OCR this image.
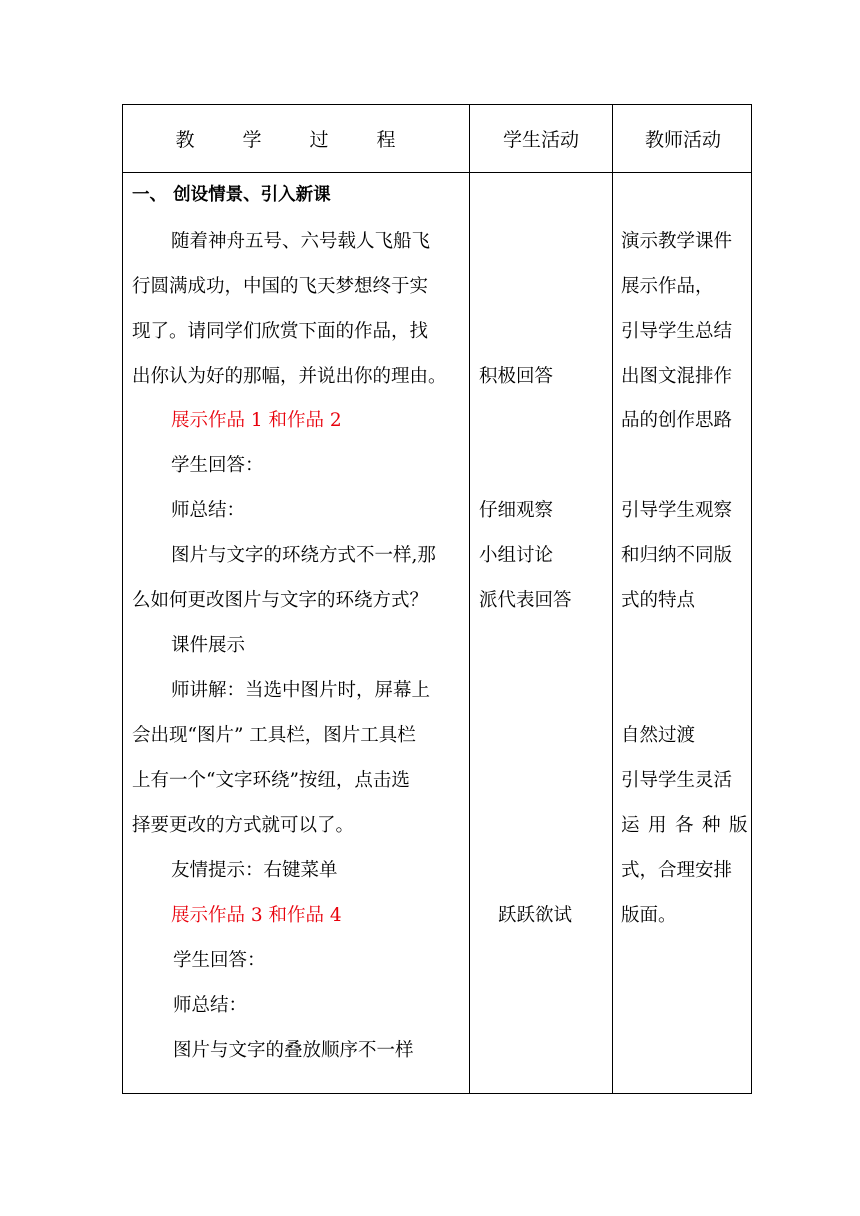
教 学 过 程	学生活动	教师活动
一、 创设情景、引入新课
随着神舟五号、六号载人飞船飞
行圆满成功，中国的飞天梦想终于实
现了。请同学们欣赏下面的作品，找
出你认为好的那幅，并说出你的理由。
展示作品 1 和作品 2
学生回答：
师总结：
图片与文字的环绕方式不一样,那
么如何更改图片与文字的环绕方式？
课件展示
师讲解：当选中图片时，屏幕上
会出现“图片” 工具栏，图片工具栏
上有一个“文字环绕”按纽，点击选
择要更改的方式就可以了。
友情提示：右键菜单
展示作品 3 和作品 4
学生回答：
师总结：
图片与文字的叠放顺序不一样
积极回答
仔细观察
小组讨论
派代表回答
跃跃欲试
演示教学课件
展示作品，
引导学生总结
出图文混排作
品的创作思路
引导学生观察
和归纳不同版
式的特点
自然过渡
引导学生灵活
运用各种版
式，合理安排
版面。
